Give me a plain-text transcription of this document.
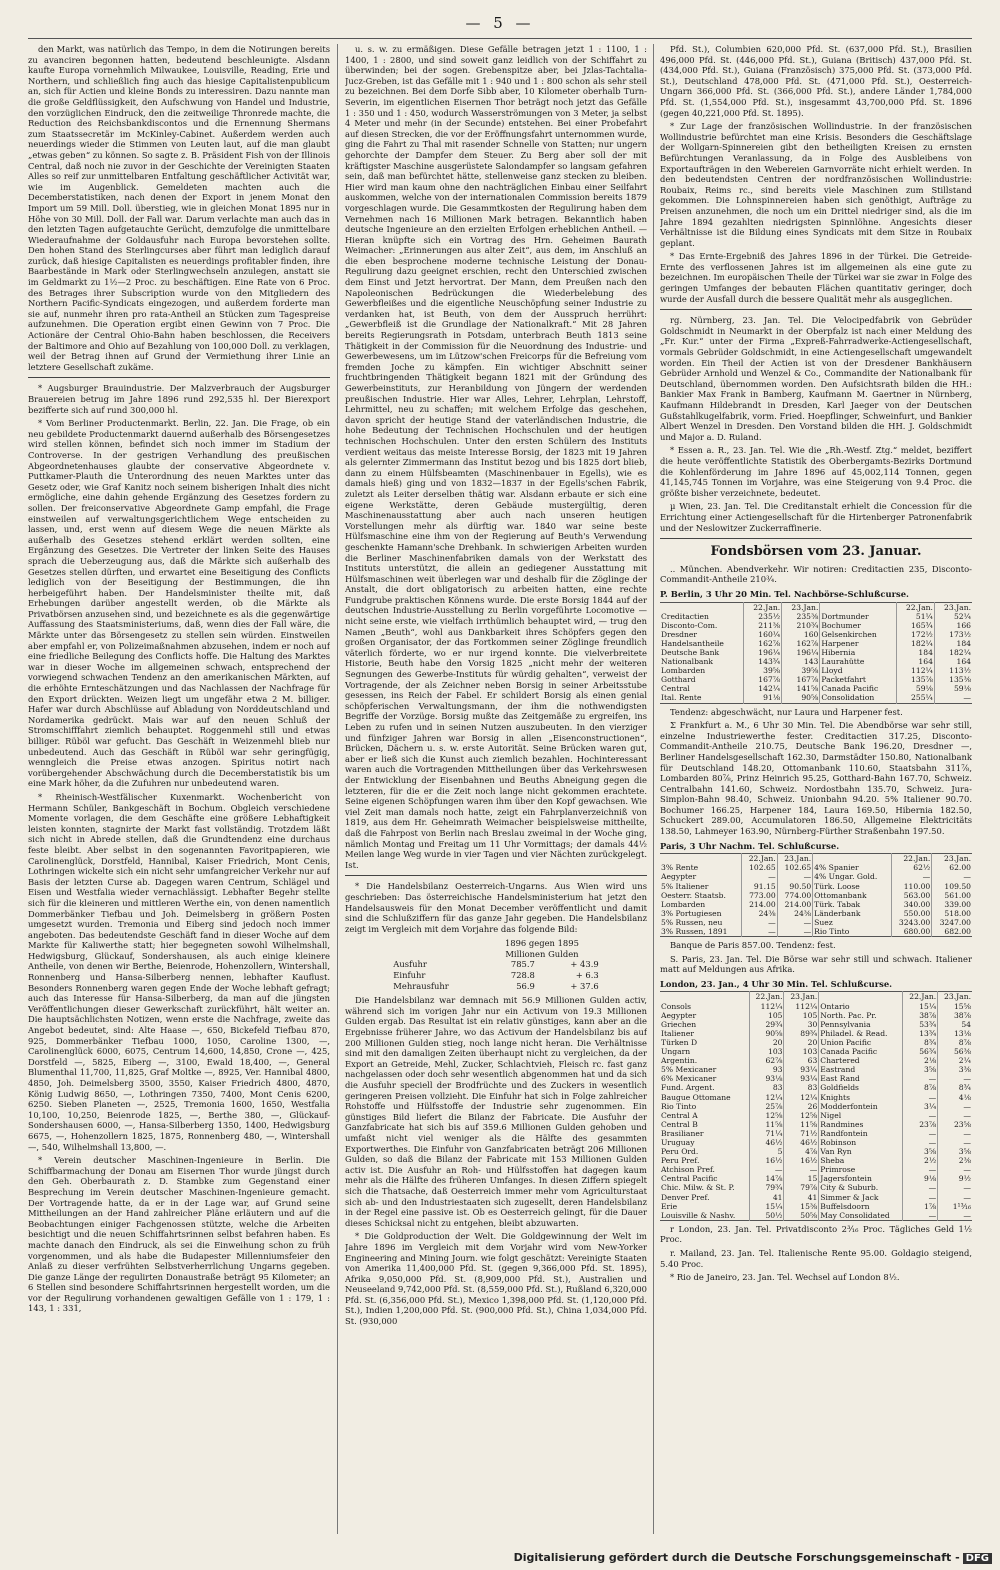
— 5 —

den Markt, was natürlich das Tempo, in dem die Notirungen bereits zu avanciren begonnen hatten, bedeutend beschleunigte. Alsdann kaufte Europa vornehmlich Milwaukee, Louisville, Reading, Erie und Northern, und schließlich fing auch das hiesige Capitalistenpublicum an, sich für Actien und kleine Bonds zu interessiren. Dazu nannte man die große Geldflüssigkeit, den Aufschwung von Handel und Industrie, den vorzüglichen Eindruck, den die zeitweilige Thronrede machte, die Reduction des Reichsbankdiscontos und die Ernennung Shermans zum Staatssecretär im McKinley-Cabinet. Außerdem werden auch neuerdings wieder die Stimmen von Leuten laut, auf die man glaubt „etwas geben“ zu können. So sagte z. B. Präsident Fish von der Illinois Central, daß noch nie zuvor in der Geschichte der Vereinigten Staaten Alles so reif zur unmittelbaren Entfaltung geschäftlicher Activität war, wie im Augenblick. Gemeldeten machten auch die Decemberstatistiken, nach denen der Export in jenem Monat den Import um 59 Mill. Doll. überstieg, wie in gleichen Monat 1895 nur in Höhe von 30 Mill. Doll. der Fall war. Darum verlachte man auch das in den letzten Tagen aufgetauchte Gerücht, demzufolge die unmittelbare Wiederaufnahme der Goldausfuhr nach Europa bevorstehen sollte. Den hohen Stand des Sterlingcurses aber führt man lediglich darauf zurück, daß hiesige Capitalisten es neuerdings profitabler finden, ihre Baarbestände in Mark oder Sterlingwechseln anzulegen, anstatt sie im Geldmarkt zu 1½—2 Proc. zu beschäftigen. Eine Rate von 6 Proc. des Betrages ihrer Subscription wurde von den Mitgliedern des Northern Pacific-Syndicats eingezogen, und außerdem forderte man sie auf, nunmehr ihren pro rata-Antheil an Stücken zum Tagespreise aufzunehmen. Die Operation ergibt einen Gewinn von 7 Proc. Die Actionäre der Central Ohio-Bahn haben beschlossen, die Receivers der Baltimore and Ohio auf Bezahlung von 100,000 Doll. zu verklagen, weil der Betrag ihnen auf Grund der Vermiethung ihrer Linie an letztere Gesellschaft zukäme.

* Augsburger Brauindustrie. Der Malzverbrauch der Augsburger Brauereien betrug im Jahre 1896 rund 292,535 hl. Der Bierexport bezifferte sich auf rund 300,000 hl.

* Vom Berliner Productenmarkt. Berlin, 22. Jan. Die Frage, ob ein neu gebildete Productenmarkt dauernd außerhalb des Börsengesetzes wird stellen können, befindet sich noch immer im Stadium der Controverse. In der gestrigen Verhandlung des preußischen Abgeordnetenhauses glaubte der conservative Abgeordnete v. Puttkamer-Plauth die Unterordnung des neuen Marktes unter das Gesetz oder, wie Graf Kanitz noch seinem bisherigen Inhalt dies nicht ermögliche, eine dahin gehende Ergänzung des Gesetzes fordern zu sollen. Der freiconservative Abgeordnete Gamp empfahl, die Frage einstweilen auf verwaltungsgerichtlichem Wege entscheiden zu lassen, und, erst wenn auf diesem Wege die neuen Märkte als außerhalb des Gesetzes stehend erklärt werden sollten, eine Ergänzung des Gesetzes. Die Vertreter der linken Seite des Hauses sprach die Ueberzeugung aus, daß die Märkte sich außerhalb des Gesetzes stellen dürften, und erwartet eine Beseitigung des Conflicts lediglich von der Beseitigung der Bestimmungen, die ihn herbeigeführt haben. Der Handelsminister theilte mit, daß Erhebungen darüber angestellt werden, ob die Märkte als Privatbörsen anzusehen sind, und bezeichnete es als die gegenwärtige Auffassung des Staatsministeriums, daß, wenn dies der Fall wäre, die Märkte unter das Börsengesetz zu stellen sein würden. Einstweilen aber empfahl er, von Polizeimaßnahmen abzusehen, indem er noch auf eine friedliche Beilegung des Conflicts hoffe. Die Haltung des Marktes war in dieser Woche im allgemeinen schwach, entsprechend der vorwiegend schwachen Tendenz an den amerikanischen Märkten, auf die erhöhte Ernteschätzungen und das Nachlassen der Nachfrage für den Export drückten. Weizen liegt um ungefähr etwa 2 M. billiger. Hafer war durch Abschlüsse auf Abladung von Norddeutschland und Nordamerika gedrückt. Mais war auf den neuen Schluß der Stromschifffahrt ziemlich behauptet. Roggenmehl still und etwas billiger. Rüböl war gefucht. Das Geschäft in Weizenmehl blieb nur unbedeutend. Auch das Geschäft in Rüböl war sehr geringfügig, wenngleich die Preise etwas anzogen. Spiritus notirt nach vorübergehender Abschwächung durch die Decemberstatistik bis um eine Mark höher, da die Zufuhren nur unbedeutend waren.

* Rheinisch-Westfälischer Kuxenmarkt. Wochenbericht von Hermann Schüler, Bankgeschäft in Bochum. Obgleich verschiedene Momente vorlagen, die dem Geschäfte eine größere Lebhaftigkeit leisten konnten, stagnirte der Markt fast vollständig. Trotzdem läßt sich nicht in Abrede stellen, daß die Grundtendenz eine durchaus feste bleibt. Aber selbst in den sogenannten Favoritpapieren, wie Carolinenglück, Dorstfeld, Hannibal, Kaiser Friedrich, Mont Cenis, Lothringen wickelte sich ein nicht sehr umfangreicher Verkehr nur auf Basis der letzten Curse ab. Dagegen waren Centrum, Schlägel und Eisen und Westfalia wieder vernachlässigt. Lebhafter Begehr stellte sich für die kleineren und mittleren Werthe ein, von denen namentlich Dommerbänker Tiefbau und Joh. Deimelsberg in größern Posten umgesetzt wurden. Tremonia und Eiberg sind jedoch noch immer angeboten. Das bedeutendste Geschäft fand in dieser Woche auf dem Markte für Kaliwerthe statt; hier begegneten sowohl Wilhelmshall, Hedwigsburg, Glückauf, Sondershausen, als auch einige kleinere Antheile, von denen wir Berthe, Beienrode, Hohenzollern, Wintershall, Ronnenberg und Hansa-Silberberg nennen, lebhafter Kauflust. Besonders Ronnenberg waren gegen Ende der Woche lebhaft gefragt; auch das Interesse für Hansa-Silberberg, da man auf die jüngsten Veröffentlichungen dieser Gewerkschaft zurückführt, hält weiter an. Die hauptsächlichsten Notizen, wenn erste die Nachfrage, zweite das Angebot bedeutet, sind: Alte Haase —, 650, Bickefeld Tiefbau 870, 925, Dommerbänker Tiefbau 1000, 1050, Caroline 1300, —, Carolinenglück 6000, 6075, Centrum 14,600, 14,850, Crone —, 425, Dorstfeld —, 5825, Eiberg —, 3100, Ewald 18,400, —, General Blumenthal 11,700, 11,825, Graf Moltke —, 8925, Ver. Hannibal 4800, 4850, Joh. Deimelsberg 3500, 3550, Kaiser Friedrich 4800, 4870, König Ludwig 8650, —, Lothringen 7350, 7400, Mont Cenis 6200, 6250. Sieben Planeten —, 2525, Tremonia 1600, 1650, Westfalia 10,100, 10,250, Beienrode 1825, —, Berthe 380, —, Glückauf-Sondershausen 6000, —, Hansa-Silberberg 1350, 1400, Hedwigsburg 6675, —, Hohenzollern 1825, 1875, Ronnenberg 480, —, Wintershall —, 540, Wilhelmshall 13,800, —.

* Verein deutscher Maschinen-Ingenieure in Berlin. Die Schiffbarmachung der Donau am Eisernen Thor wurde jüngst durch den Geh. Oberbaurath z. D. Stambke zum Gegenstand einer Besprechung im Verein deutscher Maschinen-Ingenieure gemacht. Der Vortragende hatte, da er in der Lage war, auf Grund seine Mittheilungen an der Hand zahlreicher Pläne erläutern und auf die Beobachtungen einiger Fachgenossen stützte, welche die Arbeiten besichtigt und die neuen Schiffahrtsrinnen selbst befahren haben. Es machte danach den Eindruck, als sei die Einweihung schon zu früh vorgenommen, und als habe die Budapester Millenniumsfeier den Anlaß zu dieser verfrühten Selbstverherrlichung Ungarns gegeben. Die ganze Länge der regulirten Donaustraße beträgt 95 Kilometer; an 6 Stellen sind besondere Schiffahrtsrinnen hergestellt worden, um die vor der Regulirung vorhandenen gewaltigen Gefälle von 1 : 179, 1 : 143, 1 : 331,

u. s. w. zu ermäßigen. Diese Gefälle betragen jetzt 1 : 1100, 1 : 1400, 1 : 2800, und sind soweit ganz leidlich von der Schiffahrt zu überwinden; bei der sogen. Grebenspitze aber, bei Jzlas-Tachtalia-Jucz-Greben, ist das Gefälle mit 1 : 940 und 1 : 800 schon als sehr steil zu bezeichnen. Bei dem Dorfe Sibb aber, 10 Kilometer oberhalb Turn-Severin, im eigentlichen Eisernen Thor beträgt noch jetzt das Gefälle 1 : 350 und 1 : 450, wodurch Wasserströmungen von 3 Meter, ja selbst 4 Meter und mehr (in der Secunde) entstehen. Bei einer Probefahrt auf diesen Strecken, die vor der Eröffnungsfahrt unternommen wurde, ging die Fahrt zu Thal mit rasender Schnelle von Statten; nur ungern gehorchte der Dampfer dem Steuer. Zu Berg aber soll der mit kräftigster Maschine ausgerüstete Salondampfer so langsam gefahren sein, daß man befürchtet hätte, stellenweise ganz stecken zu bleiben. Hier wird man kaum ohne den nachträglichen Einbau einer Seilfahrt auskommen, welche von der internationalen Commission bereits 1879 vorgeschlagen wurde. Die Gesammtkosten der Regulirung haben dem Vernehmen nach 16 Millionen Mark betragen. Bekanntlich haben deutsche Ingenieure an den erzielten Erfolgen erheblichen Antheil. — Hieran knüpfte sich ein Vortrag des Hrn. Geheimen Baurath Weimacher: „Erinnerungen aus alter Zeit“, aus dem, im Anschluß an die eben besprochene moderne technische Leistung der Donau-Regulirung dazu geeignet erschien, recht den Unterschied zwischen dem Einst und Jetzt hervortrat. Der Mann, dem Preußen nach den Napoleonischen Bedrückungen die Wiederbelebung des Gewerbfleißes und die eigentliche Neuschöpfung seiner Industrie zu verdanken hat, ist Beuth, von dem der Ausspruch herrührt: „Gewerbfleiß ist die Grundlage der Nationalkraft.“ Mit 28 Jahren bereits Regierungsrath in Potsdam, unterbrach Beuth 1813 seine Thätigkeit in der Commission für die Neuordnung des Industrie- und Gewerbewesens, um im Lützow'schen Freicorps für die Befreiung vom fremden Joche zu kämpfen. Ein wichtiger Abschnitt seiner fruchtbringenden Thätigkeit begann 1821 mit der Gründung des Gewerbeinstituts, zur Heranbildung von Jüngern der werdenden preußischen Industrie. Hier war Alles, Lehrer, Lehrplan, Lehrstoff, Lehrmittel, neu zu schaffen; mit welchem Erfolge das geschehen, davon spricht der heutige Stand der vaterländischen Industrie, die hohe Bedeutung der Technischen Hochschulen und der heutigen technischen Hochschulen. Unter den ersten Schülern des Instituts verdient weitaus das meiste Interesse Borsig, der 1823 mit 19 Jahren als gelernter Zimmermann das Institut bezog und bis 1825 dort blieb, dann zu einem Hülfsbeamten (Maschinenbauer in Egells), wie es damals hieß) ging und von 1832—1837 in der Egells'schen Fabrik, zuletzt als Leiter derselben thätig war. Alsdann erbaute er sich eine eigene Werkstätte, deren Gebäude mustergültig, deren Maschinenausstattung aber auch nach unseren heutigen Vorstellungen mehr als dürftig war. 1840 war seine beste Hülfsmaschine eine ihm von der Regierung auf Beuth's Verwendung geschenkte Hamann'sche Drehbank. In schwierigen Arbeiten wurden die Berliner Maschinenfabriken damals von der Werkstatt des Instituts unterstützt, die allein an gediegener Ausstattung mit Hülfsmaschinen weit überlegen war und deshalb für die Zöglinge der Anstalt, die dort obligatorisch zu arbeiten hatten, eine rechte Fundgrube praktischen Könnens wurde. Die erste Borsig 1844 auf der deutschen Industrie-Ausstellung zu Berlin vorgeführte Locomotive — nicht seine erste, wie vielfach irrthümlich behauptet wird, — trug den Namen „Beuth“, wohl aus Dankbarkeit ihres Schöpfers gegen den großen Organisator, der das Fortkommen seiner Zöglinge freundlich väterlich förderte, wo er nur irgend konnte. Die vielverbreitete Historie, Beuth habe den Vorsig 1825 „nicht mehr der weiteren Segnungen des Gewerbe-Instituts für würdig gehalten“, verweist der Vortragende, der als Zeichner neben Borsig in seiner Arbeitsstube gesessen, ins Reich der Fabel. Er schildert Borsig als einen genial schöpferischen Verwaltungsmann, der ihm die nothwendigsten Begriffe der Vorzüge. Borsig mußte das Zeitgemäße zu ergreifen, ins Leben zu rufen und in seinen Nutzen auszubeuten. In den vierziger und fünfziger Jahren war Borsig in allen „Eisenconstructionen“, Brücken, Dächern u. s. w. erste Autorität. Seine Brücken waren gut, aber er ließ sich die Kunst auch ziemlich bezahlen. Hochinteressant waren auch die Vortragenden Mittheilungen über das Verkehrswesen der Entwicklung der Eisenbahnen und Beuths Abneigung gegen die letzteren, für die er die Zeit noch lange nicht gekommen erachtete. Seine eigenen Schöpfungen waren ihm über den Kopf gewachsen. Wie viel Zeit man damals noch hatte, zeigt ein Fahrplanverzeichniß von 1819, aus dem Hr. Geheimrath Weimacher beispielsweise mittheilte, daß die Fahrpost von Berlin nach Breslau zweimal in der Woche ging, nämlich Montag und Freitag um 11 Uhr Vormittags; der damals 44½ Meilen lange Weg wurde in vier Tagen und vier Nächten zurückgelegt. Ist.

* Die Handelsbilanz Oesterreich-Ungarns. Aus Wien wird uns geschrieben: Das österreichische Handelsministerium hat jetzt den Handelsausweis für den Monat December veröffentlicht und damit sind die Schlußziffern für das ganze Jahr gegeben. Die Handelsbilanz zeigt im Vergleich mit dem Vorjahre das folgende Bild:

	1896 gegen 1895	
	Millionen Gulden	
Ausfuhr	785.7	+ 43.9
Einfuhr	728.8	+ 6.3
Mehrausfuhr	56.9	+ 37.6

Die Handelsbilanz war demnach mit 56.9 Millionen Gulden activ, während sich im vorigen Jahr nur ein Activum von 19.3 Millionen Gulden ergab. Das Resultat ist ein relativ günstiges, kann aber an die Ergebnisse früherer Jahre, wo das Activum der Handelsbilanz bis auf 200 Millionen Gulden stieg, noch lange nicht heran. Die Verhältnisse sind mit den damaligen Zeiten überhaupt nicht zu vergleichen, da der Export an Getreide, Mehl, Zucker, Schlachtvieh, Fleisch rc. fast ganz nachgelassen oder doch sehr wesentlich abgenommen hat und da sich die Ausfuhr speciell der Brodfrüchte und des Zuckers in wesentlich geringeren Preisen vollzieht. Die Einfuhr hat sich in Folge zahlreicher Rohstoffe und Hülfsstoffe der Industrie sehr zugenommen. Ein günstiges Bild liefert die Bilanz der Fabricate. Die Ausfuhr der Ganzfabricate hat sich bis auf 359.6 Millionen Gulden gehoben und umfaßt nicht viel weniger als die Hälfte des gesammten Exportwerthes. Die Einfuhr von Ganzfabricaten beträgt 206 Millionen Gulden, so daß die Bilanz der Fabricate mit 153 Millionen Gulden activ ist. Die Ausfuhr an Roh- und Hülfsstoffen hat dagegen kaum mehr als die Hälfte des früheren Umfanges. In diesen Ziffern spiegelt sich die Thatsache, daß Oesterreich immer mehr vom Agriculturstaat sich ab- und den Industriestaaten sich zugesellt, deren Handelsbilanz in der Regel eine passive ist. Ob es Oesterreich gelingt, für die Dauer dieses Schicksal nicht zu entgehen, bleibt abzuwarten.

* Die Goldproduction der Welt. Die Goldgewinnung der Welt im Jahre 1896 im Vergleich mit dem Vorjahr wird vom New-Yorker Engineering and Mining Journ. wie folgt geschätzt: Vereinigte Staaten von Amerika 11,400,000 Pfd. St. (gegen 9,366,000 Pfd. St. 1895), Afrika 9,050,000 Pfd. St. (8,909,000 Pfd. St.), Australien und Neuseeland 9,742,000 Pfd. St. (8,559,000 Pfd. St.), Rußland 6,320,000 Pfd. St. (6,356,000 Pfd. St.), Mexico 1,398,000 Pfd. St. (1,120,000 Pfd. St.), Indien 1,200,000 Pfd. St. (900,000 Pfd. St.), China 1,034,000 Pfd. St. (930,000

Pfd. St.), Columbien 620,000 Pfd. St. (637,000 Pfd. St.), Brasilien 496,000 Pfd. St. (446,000 Pfd. St.), Guiana (Britisch) 437,000 Pfd. St. (434,000 Pfd. St.), Guiana (Französisch) 375,000 Pfd. St. (373,000 Pfd. St.), Deutschland 478,000 Pfd. St. (471,000 Pfd. St.), Oesterreich-Ungarn 366,000 Pfd. St. (366,000 Pfd. St.), andere Länder 1,784,000 Pfd. St. (1,554,000 Pfd. St.), insgesammt 43,700,000 Pfd. St. 1896 (gegen 40,221,000 Pfd. St. 1895).

* Zur Lage der französischen Wollindustrie. In der französischen Wollindustrie befürchtet man eine Krisis. Besonders die Geschäftslage der Wollgarn-Spinnereien gibt den betheiligten Kreisen zu ernsten Befürchtungen Veranlassung, da in Folge des Ausbleibens von Exportaufträgen in den Webereien Garnvorräte nicht erhielt werden. In den bedeutendsten Centren der nordfranzösischen Wollindustrie: Roubaix, Reims rc., sind bereits viele Maschinen zum Stillstand gekommen. Die Lohnspinnereien haben sich genöthigt, Aufträge zu Preisen anzunehmen, die noch um ein Drittel niedriger sind, als die im Jahre 1894 gezahlten niedrigsten Spinnlöhne. Angesichts dieser Verhältnisse ist die Bildung eines Syndicats mit dem Sitze in Roubaix geplant.

* Das Ernte-Ergebniß des Jahres 1896 in der Türkei. Die Getreide-Ernte des verflossenen Jahres ist im allgemeinen als eine gute zu bezeichnen. Im europäischen Theile der Türkei war sie zwar in Folge des geringen Umfanges der bebauten Flächen quantitativ geringer, doch wurde der Ausfall durch die bessere Qualität mehr als ausgeglichen.

rg. Nürnberg, 23. Jan. Tel. Die Velocipedfabrik von Gebrüder Goldschmidt in Neumarkt in der Oberpfalz ist nach einer Meldung des „Fr. Kur.“ unter der Firma „Expreß-Fahrradwerke-Actiengesellschaft, vormals Gebrüder Goldschmidt, in eine Actiengesellschaft umgewandelt worden. Ein Theil der Actien ist von der Dresdener Bankhäusern Gebrüder Arnhold und Wenzel & Co., Commandite der Nationalbank für Deutschland, übernommen worden. Den Aufsichtsrath bilden die HH.: Bankier Max Frank in Bamberg, Kaufmann M. Gaertner in Nürnberg, Kaufmann Hildebrandt in Dresden, Karl Jaeger von der Deutschen Gußstahlkugelfabrik, vorm. Fried. Hoepflinger, Schweinfurt, und Bankier Albert Wenzel in Dresden. Den Vorstand bilden die HH. J. Goldschmidt und Major a. D. Ruland.

* Essen a. R., 23. Jan. Tel. Wie die „Rh.-Westf. Ztg.“ meldet, beziffert die heute veröffentlichte Statistik des Oberbergamts-Bezirks Dortmund die Kohlenförderung im Jahre 1896 auf 45,002,114 Tonnen, gegen 41,145,745 Tonnen im Vorjahre, was eine Steigerung von 9.4 Proc. die größte bisher verzeichnete, bedeutet.

µ Wien, 23. Jan. Tel. Die Creditanstalt erhielt die Concession für die Errichtung einer Actiengesellschaft für die Hirtenberger Patronenfabrik und der Neslowitzer Zuckerraffinerie.

Fondsbörsen vom 23. Januar.

.. München. Abendverkehr. Wir notiren: Creditactien 235, Disconto-Commandit-Antheile 210¾.

P. Berlin, 3 Uhr 20 Min. Tel. Nachbörse-Schlußcurse.
	22.Jan.	23.Jan.		22.Jan.	23.Jan.
Creditactien	235½	235⅜	Dortmunder	51¼	52¼
Disconto-Com.	211⅜	210¾	Bochumer	165¾	166
Dresdner	160¼	160	Gelsenkirchen	172½	173½
Handelsantheile	162⅞	162⅞	Harpener	182¼	184
Deutsche Bank	196¼	196¼	Hibernia	184	182¼
Nationalbank	143¾	143	Laurahütte	164	164
Lombarden	39⅝	39⅝	Lloyd	112¼	113½
Gotthard	167⅞	167⅞	Packetfahrt	135⅞	135⅜
Central	142¼	141⅝	Canada Pacific	59⅛	59⅛
Ital. Rente	91⅛	90⅝	Consolidation	255¼	—

Tendenz: abgeschwächt, nur Laura und Harpener fest.

Σ Frankfurt a. M., 6 Uhr 30 Min. Tel. Die Abendbörse war sehr still, einzelne Industriewerthe fester. Creditactien 317.25, Disconto-Commandit-Antheile 210.75, Deutsche Bank 196.20, Dresdner —, Berliner Handelsgesellschaft 162.30, Darmstädter 150.80, Nationalbank für Deutschland 148.20, Ottomanbank 110.60, Staatsbahn 311⅞, Lombarden 80⅞, Prinz Heinrich 95.25, Gotthard-Bahn 167.70, Schweiz. Centralbahn 141.60, Schweiz. Nordostbahn 135.70, Schweiz. Jura-Simplon-Bahn 98.40, Schweiz. Unionbahn 94.20. 5% Italiener 90.70. Bochumer 166.25, Harpener 184, Laura 169.50, Hibernia 182.50, Schuckert 289.00, Accumulatoren 186.50, Allgemeine Elektricitäts 138.50, Lahmeyer 163.90, Nürnberg-Fürther Straßenbahn 197.50.

Paris, 3 Uhr Nachm. Tel. Schlußcurse.
	22.Jan.	23.Jan.		22.Jan.	23.Jan.
3% Rente	102.65	102.65	4% Spanier	62½	62.00
Aegypter	—	—	4% Ungar. Gold.	—	—
5% Italiener	91.15	90.50	Türk. Loose	110.00	109.50
Oesterr. Staatsb.	773.00	774.00	Ottomanbank	563.00	561.00
Lombarden	214.00	214.00	Türk. Tabak	340.00	339.00
3% Portugiesen	24⅜	24⅜	Länderbank	550.00	518.00
5% Russen, neu	—	—	Suez	3243.00	3247.00
3% Russen, 1891	—	—	Rio Tinto	680.00	682.00

Banque de Paris 857.00. Tendenz: fest.

S. Paris, 23. Jan. Tel. Die Börse war sehr still und schwach. Italiener matt auf Meldungen aus Afrika.

London, 23. Jan., 4 Uhr 30 Min. Tel. Schlußcurse.
	22.Jan.	23.Jan.		22.Jan.	23.Jan.
Consols	112¼	112¼	Ontario	15¼	15⅝
Aegypter	105	105	North. Pac. Pr.	38⅞	38⅞
Griechen	29¾	30	Pennsylvania	53¾	54
Italiener	90⅝	89¾	Philadel. & Read.	13¾	13⅛
Türken D	20	20	Union Pacific	8¾	8⅞
Ungarn	103	103	Canada Pacific	56¾	56⅜
Argentin.	62⅞	63	Chartered	2⅛	2¼
5% Mexicaner	93	93¼	Eastrand	3⅝	3⅜
6% Mexicaner	93⅛	93¼	East Rand	—	—
Fund. Argent.	83	83	Goldfields	8⅞	8¾
Baugue Ottomane	12¼	12¼	Knights	—	4⅛
Rio Tinto	25⅞	26	Modderfontein	3¼	—
Central A	12⅝	12⅝	Nigel	—	—
Central B	11⅝	11⅝	Randmines	23⅞	23⅝
Brasilianer	71¼	71½	Randfontein	—	—
Uruguay	46½	46½	Robinson	—	—
Peru Ord.	5	4⅞	Van Ryn	3⅝	3⅝
Peru Pref.	16½	16½	Sheba	2½	2⅜
Atchison Pref.	—	—	Primrose	—	—
Central Pacific	14⅞	15	Jagersfontein	9⅛	9½
Chic. Milw. & St. P.	79¾	79⅞	City & Suburb.	—	—
Denver Pref.	41	41	Simmer & Jack	—	—
Erie	15¼	15⅜	Buffelsdoorn	1⅞	1¹³⁄₁₆
Louisville & Nashv.	50½	50⅝	May Consolidated	—	—

r London, 23. Jan. Tel. Privatdisconto 2³⁄₁₆ Proc. Tägliches Geld 1½ Proc.

r. Mailand, 23. Jan. Tel. Italienische Rente 95.00. Goldagio steigend, 5.40 Proc.

* Rio de Janeiro, 23. Jan. Tel. Wechsel auf London 8½.

Digitalisierung gefördert durch die Deutsche Forschungsgemeinschaft - DFG
